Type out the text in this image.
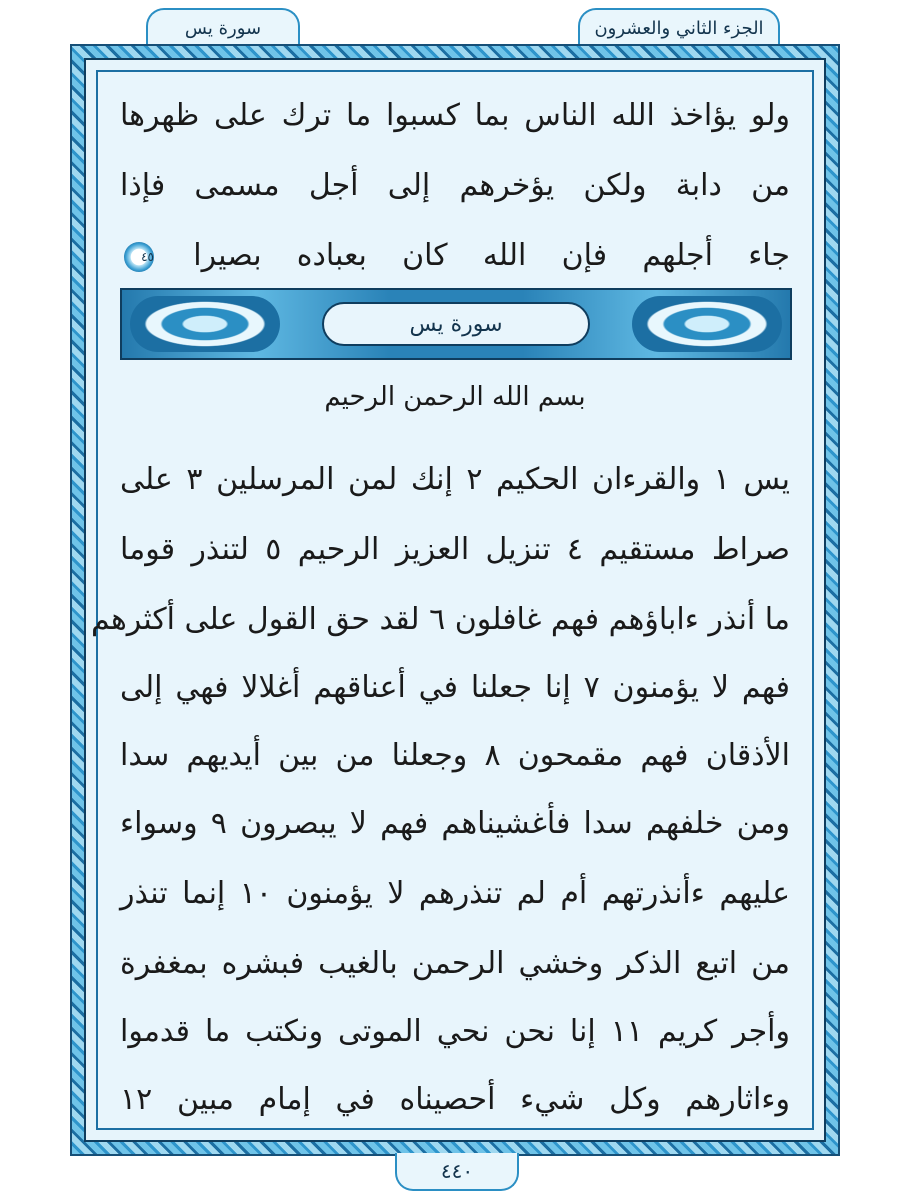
الجزء الثاني والعشرون
سورة يس
ولو يؤاخذ الله الناس بما كسبوا ما ترك على ظهرها
من دابة ولكن يؤخرهم إلى أجل مسمى فإذا
جاء أجلهم فإن الله كان بعباده بصيرا ٤٥
سورة يس
بسم الله الرحمن الرحيم
يس ١ والقرءان الحكيم ٢ إنك لمن المرسلين ٣ على
صراط مستقيم ٤ تنزيل العزيز الرحيم ٥ لتنذر قوما
ما أنذر ءاباؤهم فهم غافلون ٦ لقد حق القول على أكثرهم
فهم لا يؤمنون ٧ إنا جعلنا في أعناقهم أغلالا فهي إلى
الأذقان فهم مقمحون ٨ وجعلنا من بين أيديهم سدا
ومن خلفهم سدا فأغشيناهم فهم لا يبصرون ٩ وسواء
عليهم ءأنذرتهم أم لم تنذرهم لا يؤمنون ١٠ إنما تنذر
من اتبع الذكر وخشي الرحمن بالغيب فبشره بمغفرة
وأجر كريم ١١ إنا نحن نحي الموتى ونكتب ما قدموا
وءاثارهم وكل شيء أحصيناه في إمام مبين ١٢
٤٤٠
